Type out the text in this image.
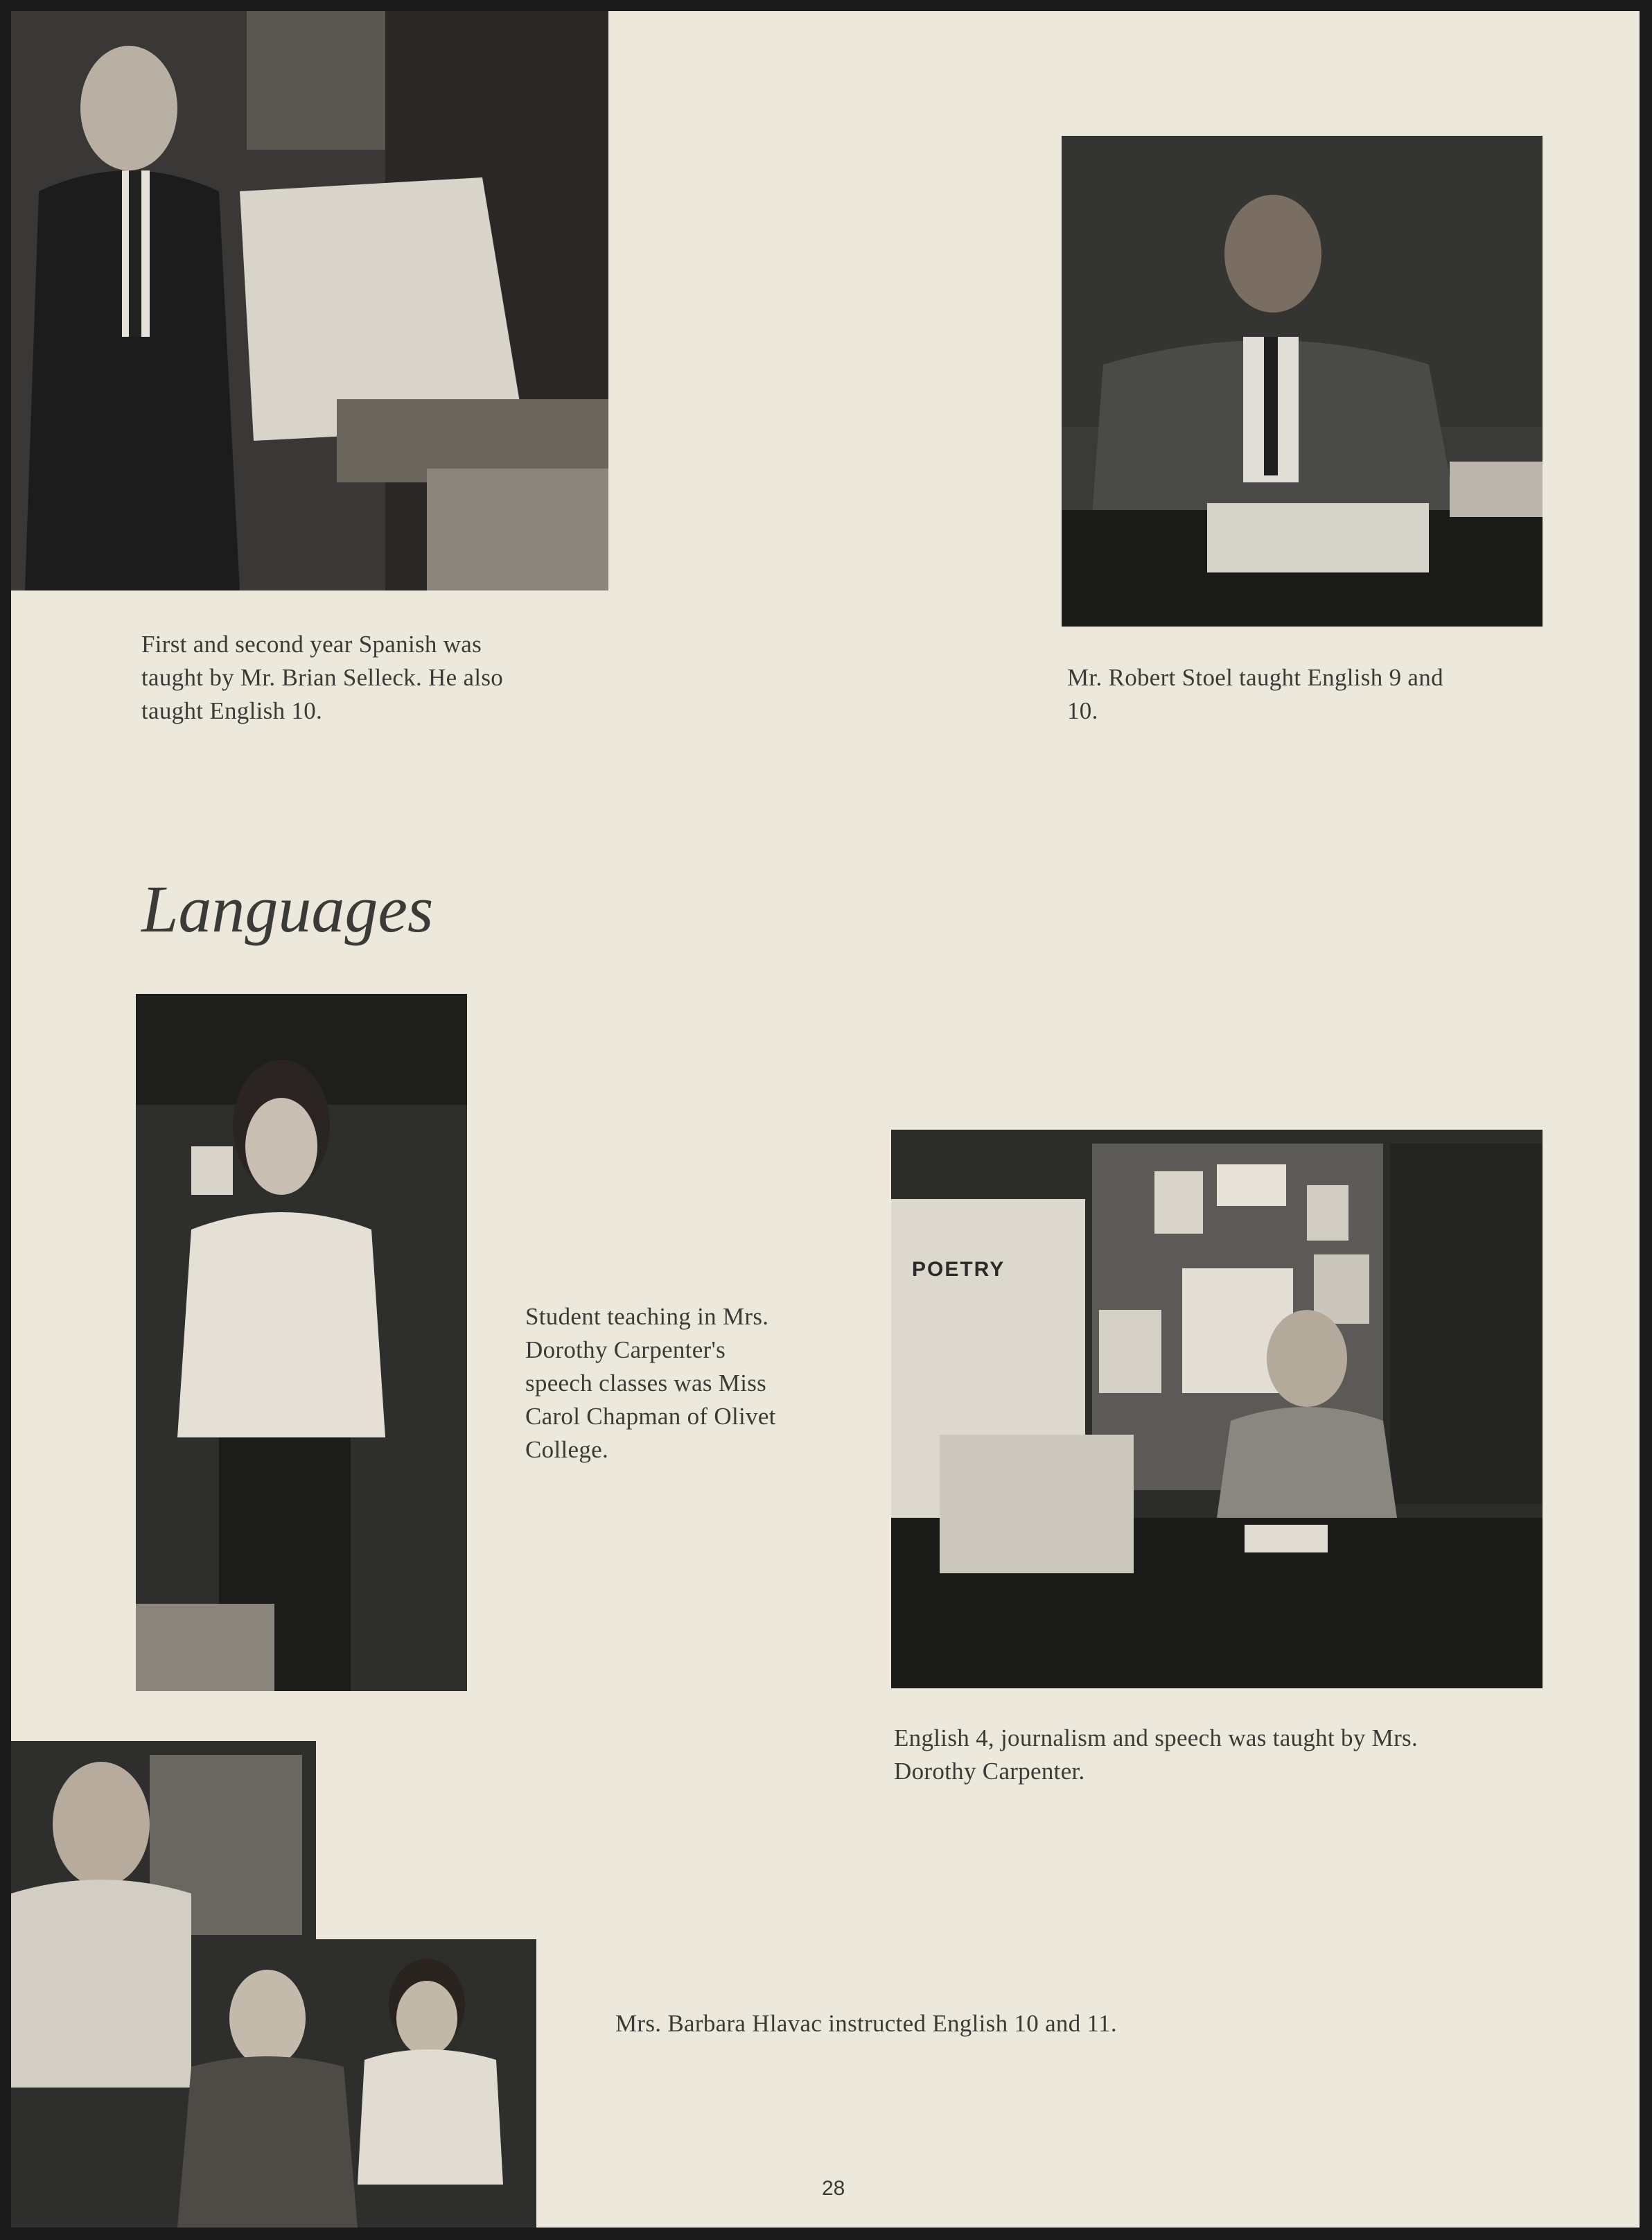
First and second year Spanish was
taught by Mr. Brian Selleck. He also
taught English 10.
Mr. Robert Stoel taught English 9 and
10.
Languages
Student teaching in Mrs.
Dorothy Carpenter's
speech classes was Miss
Carol Chapman of Olivet
College.
POETRY
English 4, journalism and speech was taught by Mrs.
Dorothy Carpenter.
Mrs. Barbara Hlavac instructed English 10 and 11.
28
